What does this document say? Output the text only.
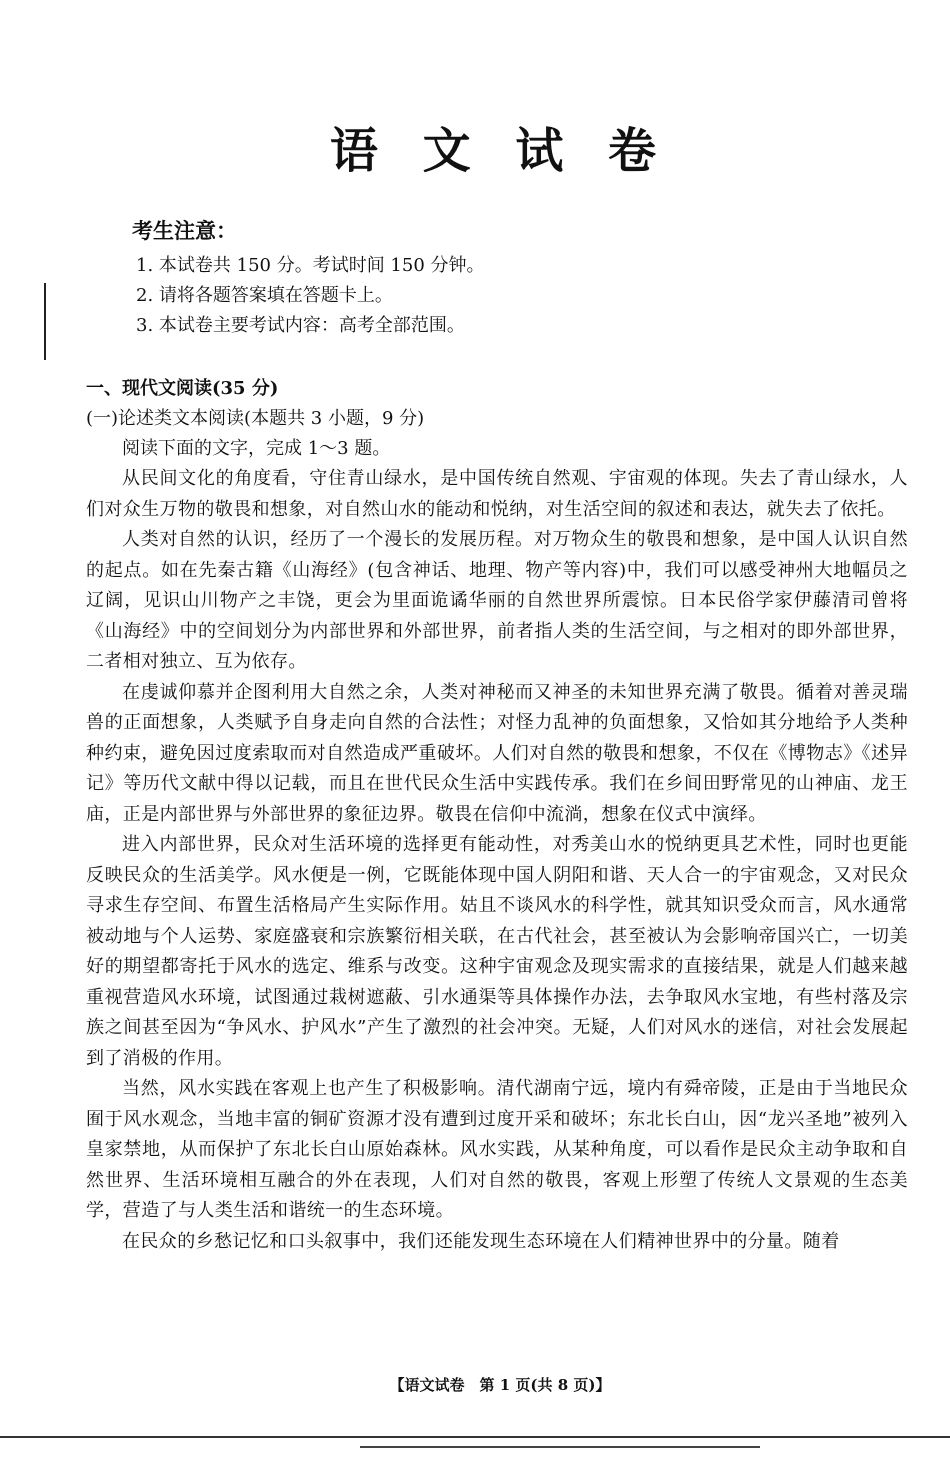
语 文 试 卷
考生注意：
1. 本试卷共 150 分。考试时间 150 分钟。
2. 请将各题答案填在答题卡上。
3. 本试卷主要考试内容：高考全部范围。
一、现代文阅读(35 分)
(一)论述类文本阅读(本题共 3 小题，9 分)

阅读下面的文字，完成 1～3 题。

从民间文化的角度看，守住青山绿水，是中国传统自然观、宇宙观的体现。失去了青山绿水，人们对众生万物的敬畏和想象，对自然山水的能动和悦纳，对生活空间的叙述和表达，就失去了依托。

人类对自然的认识，经历了一个漫长的发展历程。对万物众生的敬畏和想象，是中国人认识自然的起点。如在先秦古籍《山海经》(包含神话、地理、物产等内容)中，我们可以感受神州大地幅员之辽阔，见识山川物产之丰饶，更会为里面诡谲华丽的自然世界所震惊。日本民俗学家伊藤清司曾将《山海经》中的空间划分为内部世界和外部世界，前者指人类的生活空间，与之相对的即外部世界，二者相对独立、互为依存。

在虔诚仰慕并企图利用大自然之余，人类对神秘而又神圣的未知世界充满了敬畏。循着对善灵瑞兽的正面想象，人类赋予自身走向自然的合法性；对怪力乱神的负面想象，又恰如其分地给予人类种种约束，避免因过度索取而对自然造成严重破坏。人们对自然的敬畏和想象，不仅在《博物志》《述异记》等历代文献中得以记载，而且在世代民众生活中实践传承。我们在乡间田野常见的山神庙、龙王庙，正是内部世界与外部世界的象征边界。敬畏在信仰中流淌，想象在仪式中演绎。

进入内部世界，民众对生活环境的选择更有能动性，对秀美山水的悦纳更具艺术性，同时也更能反映民众的生活美学。风水便是一例，它既能体现中国人阴阳和谐、天人合一的宇宙观念，又对民众寻求生存空间、布置生活格局产生实际作用。姑且不谈风水的科学性，就其知识受众而言，风水通常被动地与个人运势、家庭盛衰和宗族繁衍相关联，在古代社会，甚至被认为会影响帝国兴亡，一切美好的期望都寄托于风水的选定、维系与改变。这种宇宙观念及现实需求的直接结果，就是人们越来越重视营造风水环境，试图通过栽树遮蔽、引水通渠等具体操作办法，去争取风水宝地，有些村落及宗族之间甚至因为“争风水、护风水”产生了激烈的社会冲突。无疑，人们对风水的迷信，对社会发展起到了消极的作用。

当然，风水实践在客观上也产生了积极影响。清代湖南宁远，境内有舜帝陵，正是由于当地民众囿于风水观念，当地丰富的铜矿资源才没有遭到过度开采和破坏；东北长白山，因“龙兴圣地”被列入皇家禁地，从而保护了东北长白山原始森林。风水实践，从某种角度，可以看作是民众主动争取和自然世界、生活环境相互融合的外在表现，人们对自然的敬畏，客观上形塑了传统人文景观的生态美学，营造了与人类生活和谐统一的生态环境。

在民众的乡愁记忆和口头叙事中，我们还能发现生态环境在人们精神世界中的分量。随着

【语文试卷　第 1 页(共 8 页)】
